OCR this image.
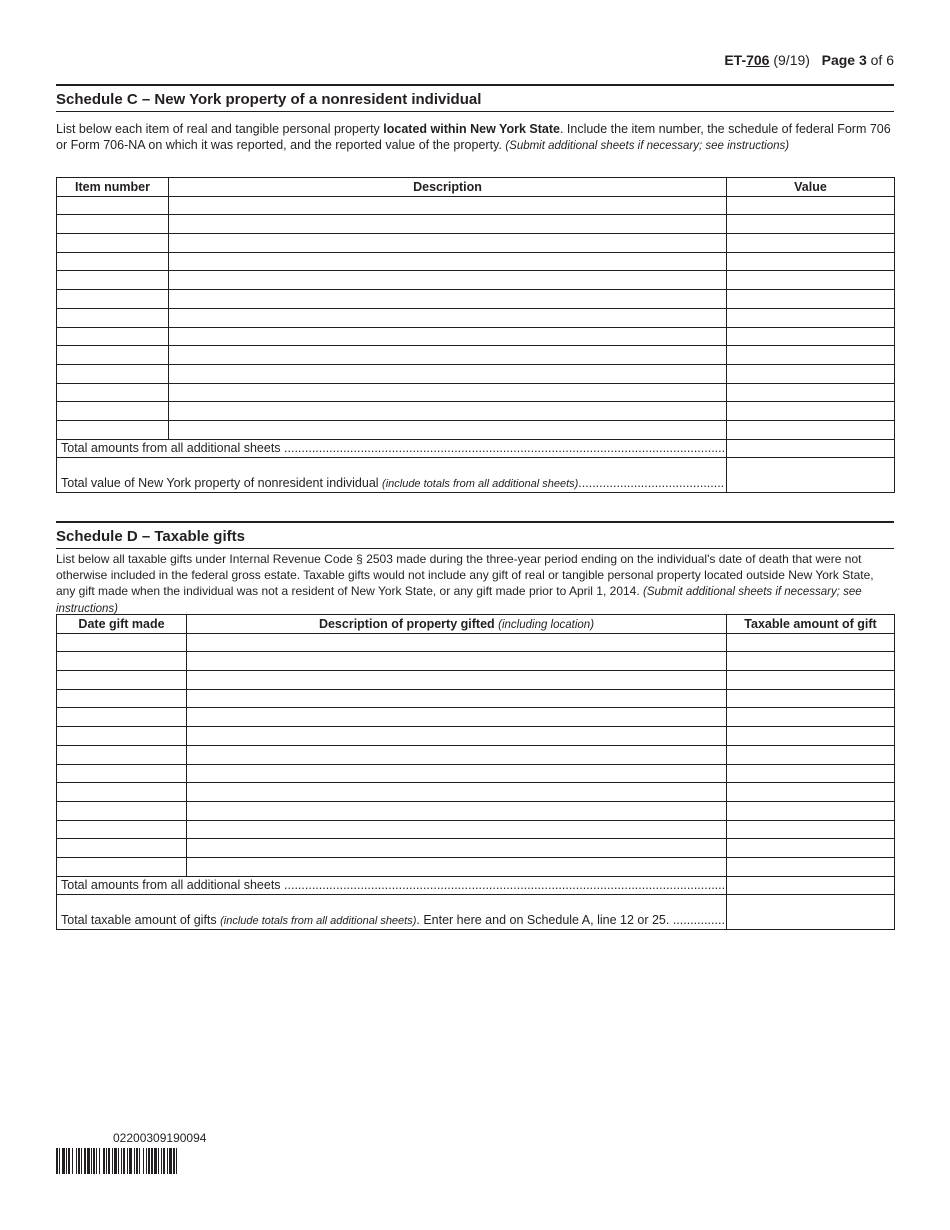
ET-706 (9/19) Page 3 of 6
Schedule C – New York property of a nonresident individual
List below each item of real and tangible personal property located within New York State. Include the item number, the schedule of federal Form 706 or Form 706-NA on which it was reported, and the reported value of the property. (Submit additional sheets if necessary; see instructions)
Item number	Description	Value

Total amounts from all additional sheets ...............................................................................................................................		
Total value of New York property of nonresident individual (include totals from all additional sheets)..........................................		
Schedule D – Taxable gifts
List below all taxable gifts under Internal Revenue Code § 2503 made during the three-year period ending on the individual's date of death that were not otherwise included in the federal gross estate. Taxable gifts would not include any gift of real or tangible personal property located outside New York State, any gift made when the individual was not a resident of New York State, or any gift made prior to April 1, 2014. (Submit additional sheets if necessary; see instructions)
Date gift made	Description of property gifted (including location)	Taxable amount of gift

Total amounts from all additional sheets ...............................................................................................................................		
Total taxable amount of gifts (include totals from all additional sheets). Enter here and on Schedule A, line 12 or 25. ...............		
02200309190094
